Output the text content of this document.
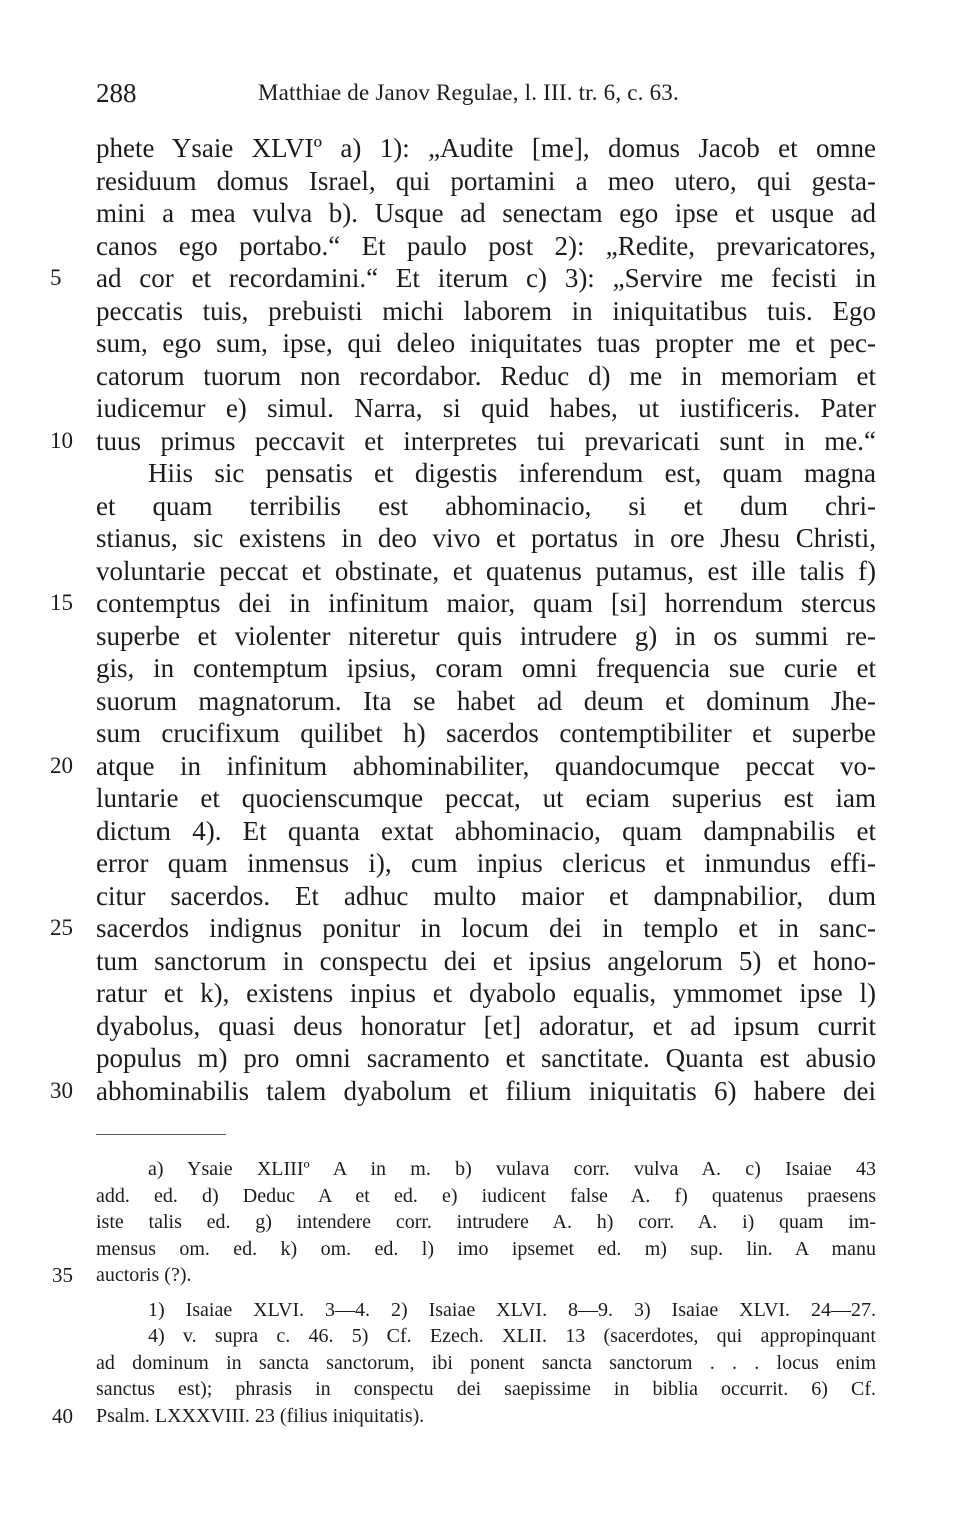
288	Matthiae de Janov Regulae, l. III. tr. 6, c. 63.
phete Ysaie XLVIº a) 1): „Audite [me], domus Jacob et omne
residuum domus Israel, qui portamini a meo utero, qui gesta-
mini a mea vulva b). Usque ad senectam ego ipse et usque ad
canos ego portabo.“ Et paulo post 2): „Redite, prevaricatores,
5	ad cor et recordamini.“ Et iterum c) 3): „Servire me fecisti in
peccatis tuis, prebuisti michi laborem in iniquitatibus tuis. Ego
sum, ego sum, ipse, qui deleo iniquitates tuas propter me et pec-
catorum tuorum non recordabor. Reduc d) me in memoriam et
iudicemur e) simul. Narra, si quid habes, ut iustificeris. Pater
10 tuus primus peccavit et interpretes tui prevaricati sunt in me.“
Hiis sic pensatis et digestis inferendum est, quam magna
et quam terribilis est abhominacio, si et dum chri-
stianus, sic existens in deo vivo et portatus in ore Jhesu Christi,
voluntarie peccat et obstinate, et quatenus putamus, est ille talis f)
15 contemptus dei in infinitum maior, quam [si] horrendum stercus
superbe et violenter niteretur quis intrudere g) in os summi re-
gis, in contemptum ipsius, coram omni frequencia sue curie et
suorum magnatorum. Ita se habet ad deum et dominum Jhe-
sum crucifixum quilibet h) sacerdos contemptibiliter et superbe
20 atque in infinitum abhominabiliter, quandocumque peccat vo-
luntarie et quocienscumque peccat, ut eciam superius est iam
dictum 4). Et quanta extat abhominacio, quam dampnabilis et
error quam inmensus i), cum inpius clericus et inmundus effi-
citur sacerdos. Et adhuc multo maior et dampnabilior, dum
25 sacerdos indignus ponitur in locum dei in templo et in sanc-
tum sanctorum in conspectu dei et ipsius angelorum 5) et hono-
ratur et k), existens inpius et dyabolo equalis, ymmomet ipse l)
dyabolus, quasi deus honoratur [et] adoratur, et ad ipsum currit
populus m) pro omni sacramento et sanctitate. Quanta est abusio
30 abhominabilis talem dyabolum et filium iniquitatis 6) habere dei
a) Ysaie XLIIIº A in m. b) vulava corr. vulva A. c) Isaiae 43
add. ed. d) Deduc A et ed. e) iudicent false A. f) quatenus praesens
iste talis ed. g) intendere corr. intrudere A. h) corr. A. i) quam im-
mensus om. ed. k) om. ed. l) imo ipsemet ed. m) sup. lin. A manu
35	auctoris (?).
1) Isaiae XLVI. 3—4. 2) Isaiae XLVI. 8—9. 3) Isaiae XLVI. 24—27.
4) v. supra c. 46. 5) Cf. Ezech. XLII. 13 (sacerdotes, qui appropinquant
ad dominum in sancta sanctorum, ibi ponent sancta sanctorum . . . locus enim
sanctus est); phrasis in conspectu dei saepissime in biblia occurrit. 6) Cf.
40	Psalm. LXXXVIII. 23 (filius iniquitatis).
